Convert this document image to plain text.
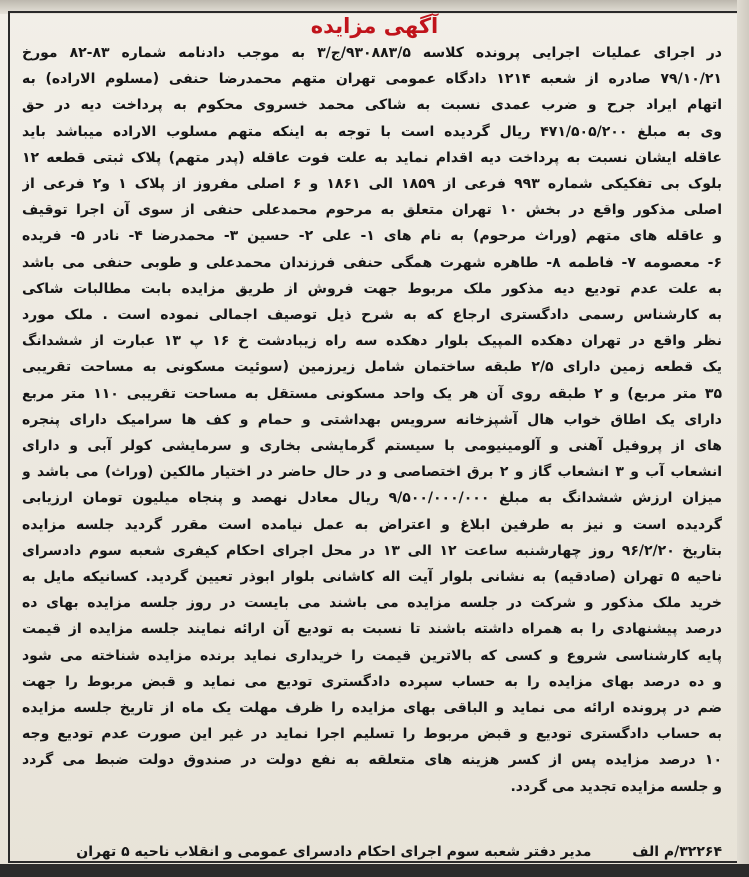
آگهی مزایده
در اجرای عملیات اجرایی پرونده کلاسه ۹۳۰۸۸۳/۵/ج/۳ به موجب دادنامه شماره ۸۳-۸۲ مورخ
۷۹/۱۰/۲۱ صادره از شعبه ۱۲۱۴ دادگاه عمومی تهران متهم محمدرضا حنفی (مسلوم الاراده) به
اتهام ایراد جرح و ضرب عمدی نسبت به شاکی محمد خسروی محکوم به پرداخت دیه در حق
وی به مبلغ ۴۷۱/۵۰۵/۲۰۰ ریال گردیده است با توجه به اینکه متهم مسلوب الاراده میباشد باید
عاقله ایشان نسبت به پرداخت دیه اقدام نماید به علت فوت عاقله (پدر متهم) پلاک ثبتی قطعه ۱۲
بلوک بی تفکیکی شماره ۹۹۳ فرعی از ۱۸۵۹ الی ۱۸۶۱ و ۶ اصلی مفروز از پلاک ۱ و۲ فرعی از
اصلی مذکور واقع در بخش ۱۰ تهران متعلق به مرحوم محمدعلی حنفی از سوی آن اجرا توقیف
و عاقله های متهم (وراث مرحوم) به نام های ۱- علی ۲- حسین ۳- محمدرضا ۴- نادر ۵- فریده
۶- معصومه ۷- فاطمه ۸- طاهره شهرت همگی حنفی فرزندان محمدعلی و طوبی حنفی می باشد
به علت عدم تودیع دیه مذکور ملک مربوط جهت فروش از طریق مزایده بابت مطالبات شاکی
به کارشناس رسمی دادگستری ارجاع که به شرح ذیل توصیف اجمالی نموده است . ملک مورد
نظر واقع در تهران دهکده المپیک بلوار دهکده سه راه زیبادشت خ ۱۶ پ ۱۳ عبارت از ششدانگ
یک قطعه زمین دارای ۲/۵ طبقه ساختمان شامل زیرزمین (سوئیت مسکونی به مساحت تقریبی
۳۵ متر مربع) و ۲ طبقه روی آن هر یک واحد مسکونی مستقل به مساحت تقریبی ۱۱۰ متر مربع
دارای یک اطاق خواب هال آشپزخانه سرویس بهداشتی و حمام و کف ها سرامیک دارای پنجره
های از پروفیل آهنی و آلومینیومی با سیستم گرمایشی بخاری و سرمایشی کولر آبی و دارای
انشعاب آب و ۳ انشعاب گاز و ۲ برق اختصاصی و در حال حاضر در اختیار مالکین (وراث) می باشد و
میزان ارزش ششدانگ به مبلغ ۹/۵۰۰/۰۰۰/۰۰۰ ریال معادل نهصد و پنجاه میلیون تومان ارزیابی
گردیده است و نیز به طرفین ابلاغ و اعتراض به عمل نیامده است مقرر گردید جلسه مزایده
بتاریخ ۹۶/۲/۲۰ روز چهارشنبه ساعت ۱۲ الی ۱۳ در محل اجرای احکام کیفری شعبه سوم دادسرای
ناحیه ۵ تهران (صادقیه) به نشانی بلوار آیت اله کاشانی بلوار ابوذر تعیین گردید. کسانیکه مایل به
خرید ملک مذکور و شرکت در جلسه مزایده می باشند می بایست در روز جلسه مزایده بهای ده
درصد پیشنهادی را به همراه داشته باشند تا نسبت به تودیع آن ارائه نمایند جلسه مزایده از قیمت
پایه کارشناسی شروع و کسی که بالاترین قیمت را خریداری نماید برنده مزایده شناخته می شود
و ده درصد بهای مزایده را به حساب سپرده دادگستری تودیع می نماید و قبض مربوط را جهت
ضم در پرونده ارائه می نماید و الباقی بهای مزایده را ظرف مهلت یک ماه از تاریخ جلسه مزایده
به حساب دادگستری تودیع و قبض مربوط را تسلیم اجرا نماید در غیر این صورت عدم تودیع وجه
۱۰ درصد مزایده پس از کسر هزینه های متعلقه به نفع دولت در صندوق دولت ضبط می گردد
و جلسه مزایده تجدید می گردد.
۳۲۲۶۴/م الف مدیر دفتر شعبه سوم اجرای احکام دادسرای عمومی و انقلاب ناحیه ۵ تهران
